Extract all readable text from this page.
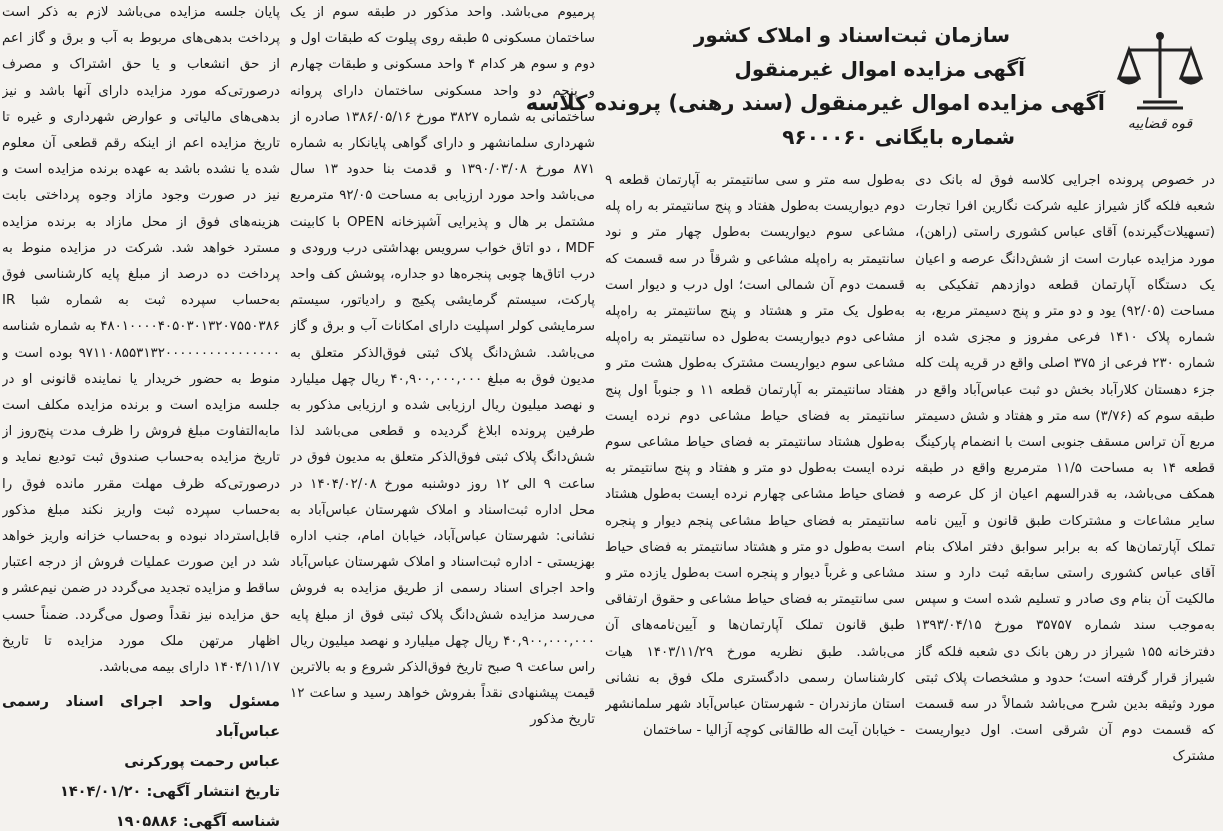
قوه قضاییه
سازمان ثبت‌اسناد و املاک کشور
آگهی مزایده اموال غیرمنقول
آگهی مزایده اموال غیرمنقول (سند رهنی) پرونده کلاسه
شماره بایگانی ۹۶۰۰۰۶۰

در خصوص پرونده اجرایی کلاسه فوق له بانک دی شعبه فلکه گاز شیراز علیه شرکت نگارین افرا تجارت (تسهیلات‌گیرنده) آقای عباس کشوری راستی (راهن)، مورد مزایده عبارت است از شش‌دانگ عرصه و اعیان یک دستگاه آپارتمان قطعه دوازدهم تفکیکی به مساحت (۹۲/۰۵) یود و دو متر و پنج دسیمتر مربع، به شماره پلاک ۱۴۱۰ فرعی مفروز و مجزی شده از شماره ۲۳۰ فرعی از ۳۷۵ اصلی واقع در قریه پلت کله جزء دهستان کلارآباد بخش دو ثبت عباس‌آباد واقع در طبقه سوم که (۳/۷۶) سه متر و هفتاد و شش دسیمتر مربع آن تراس مسقف جنوبی است با انضمام پارکینگ قطعه ۱۴ به مساحت ۱۱/۵ مترمربع واقع در طبقه همکف می‌باشد، به قدرالسهم اعیان از کل عرصه و سایر مشاعات و مشترکات طبق قانون و آیین نامه تملک آپارتمان‌ها که به برابر سوابق دفتر املاک بنام آقای عباس کشوری راستی سابقه ثبت دارد و سند مالکیت آن بنام وی صادر و تسلیم شده است و سپس به‌موجب سند شماره ۳۵۷۵۷ مورخ ۱۳۹۳/۰۴/۱۵ دفترخانه ۱۵۵ شیراز در رهن بانک دی شعبه فلکه گاز شیراز قرار گرفته است؛ حدود و مشخصات پلاک ثبتی مورد وثیقه بدین شرح می‌باشد شمالاً در سه قسمت که قسمت دوم آن شرقی است. اول دیواریست مشترک

به‌طول سه متر و سی سانتیمتر به آپارتمان قطعه ۹ دوم دیواریست به‌طول هفتاد و پنج سانتیمتر به راه پله مشاعی سوم دیواریست به‌طول چهار متر و نود سانتیمتر به راه‌پله مشاعی و شرقاً در سه قسمت که قسمت دوم آن شمالی است؛ اول درب و دیوار است به‌طول یک متر و هشتاد و پنج سانتیمتر به راه‌پله مشاعی دوم دیواریست به‌طول ده سانتیمتر به راه‌پله مشاعی سوم دیواریست مشترک به‌طول هشت متر و هفتاد سانتیمتر به آپارتمان قطعه ۱۱ و جنوباً اول پنج سانتیمتر به فضای حیاط مشاعی دوم نرده ایست به‌طول هشتاد سانتیمتر به فضای حیاط مشاعی سوم نرده ایست به‌طول دو متر و هفتاد و پنج سانتیمتر به فضای حیاط مشاعی چهارم نرده ایست به‌طول هشتاد سانتیمتر به فضای حیاط مشاعی پنجم دیوار و پنجره است به‌طول دو متر و هشتاد سانتیمتر به فضای حیاط مشاعی و غرباً دیوار و پنجره است به‌طول یازده متر و سی سانتیمتر به فضای حیاط مشاعی و حقوق ارتفاقی طبق قانون تملک آپارتمان‌ها و آیین‌نامه‌های آن می‌باشد. طبق نظریه مورخ ۱۴۰۳/۱۱/۲۹ هیات کارشناسان رسمی دادگستری ملک فوق به نشانی استان مازندران - شهرستان عباس‌آباد شهر سلمانشهر - خیابان آیت اله طالقانی کوچه آزالیا - ساختمان

پرمیوم می‌باشد. واحد مذکور در طبقه سوم از یک ساختمان مسکونی ۵ طبقه روی پیلوت که طبقات اول و دوم و سوم هر کدام ۴ واحد مسکونی و طبقات چهارم و پنجم دو واحد مسکونی ساختمان دارای پروانه ساختمانی به شماره ۳۸۲۷ مورخ ۱۳۸۶/۰۵/۱۶ صادره از شهرداری سلمانشهر و دارای گواهی پایانکار به شماره ۸۷۱ مورخ ۱۳۹۰/۰۳/۰۸ و قدمت بنا حدود ۱۳ سال می‌باشد واحد مورد ارزیابی به مساحت ۹۲/۰۵ مترمربع مشتمل بر هال و پذیرایی آشپزخانه OPEN با کابینت MDF ، دو اتاق خواب سرویس بهداشتی درب ورودی و درب اتاق‌ها چوبی پنجره‌ها دو جداره، پوشش کف واحد پارکت، سیستم گرمایشی پکیج و رادیاتور، سیستم سرمایشی کولر اسپلیت دارای امکانات آب و برق و گاز می‌باشد. شش‌دانگ پلاک ثبتی فوق‌الذکر متعلق به مدیون فوق به مبلغ ۴۰,۹۰۰,۰۰۰,۰۰۰ ریال چهل میلیارد و نهصد میلیون ریال ارزیابی شده و ارزیابی مذکور به طرفین پرونده ابلاغ گردیده و قطعی می‌باشد لذا شش‌دانگ پلاک ثبتی فوق‌الذکر متعلق به مدیون فوق در ساعت ۹ الی ۱۲ روز دوشنبه مورخ ۱۴۰۴/۰۲/۰۸ در محل اداره ثبت‌اسناد و املاک شهرستان عباس‌آباد به نشانی: شهرستان عباس‌آباد، خیابان امام، جنب اداره بهزیستی - اداره ثبت‌اسناد و املاک شهرستان عباس‌آباد واحد اجرای اسناد رسمی از طریق مزایده به فروش می‌رسد مزایده شش‌دانگ پلاک ثبتی فوق از مبلغ پایه ۴۰,۹۰۰,۰۰۰,۰۰۰ ریال چهل میلیارد و نهصد میلیون ریال راس ساعت ۹ صبح تاریخ فوق‌الذکر شروع و به بالاترین قیمت پیشنهادی نقداً بفروش خواهد رسید و ساعت ۱۲ تاریخ مذکور

پایان جلسه مزایده می‌باشد لازم به ذکر است پرداخت بدهی‌های مربوط به آب و برق و گاز اعم از حق انشعاب و یا حق اشتراک و مصرف درصورتی‌که مورد مزایده دارای آنها باشد و نیز بدهی‌های مالیاتی و عوارض شهرداری و غیره تا تاریخ مزایده اعم از اینکه رقم قطعی آن معلوم شده یا نشده باشد به عهده برنده مزایده است و نیز در صورت وجود مازاد وجوه پرداختی بابت هزینه‌های فوق از محل مازاد به برنده مزایده مسترد خواهد شد. شرکت در مزایده منوط به پرداخت ده درصد از مبلغ پایه کارشناسی فوق به‌حساب سپرده ثبت به شماره شبا IR ۴۸۰۱۰۰۰۰۴۰۵۰۳۰۱۳۲۰۷۵۵۰۳۸۶ به شماره شناسه ۹۷۱۱۰۸۵۵۳۱۳۲۰۰۰۰۰۰۰۰۰۰۰۰۰۰۰۰ بوده است و منوط به حضور خریدار یا نماینده قانونی او در جلسه مزایده است و برنده مزایده مکلف است مابه‌التفاوت مبلغ فروش را ظرف مدت پنج‌روز از تاریخ مزایده به‌حساب صندوق ثبت تودیع نماید و درصورتی‌که ظرف مهلت مقرر مانده فوق را به‌حساب سپرده ثبت واریز نکند مبلغ مذکور قابل‌استرداد نبوده و به‌حساب خزانه واریز خواهد شد در این صورت عملیات فروش از درجه اعتبار ساقط و مزایده تجدید می‌گردد در ضمن نیم‌عشر و حق مزایده نیز نقداً وصول می‌گردد. ضمناً حسب اظهار مرتهن ملک مورد مزایده تا تاریخ ۱۴۰۴/۱۱/۱۷ دارای بیمه می‌باشد.

مسئول واحد اجرای اسناد رسمی عباس‌آباد
عباس رحمت پورکرنی
تاریخ انتشار آگهی: ۱۴۰۴/۰۱/۲۰
شناسه آگهی: ۱۹۰۵۸۸۶
